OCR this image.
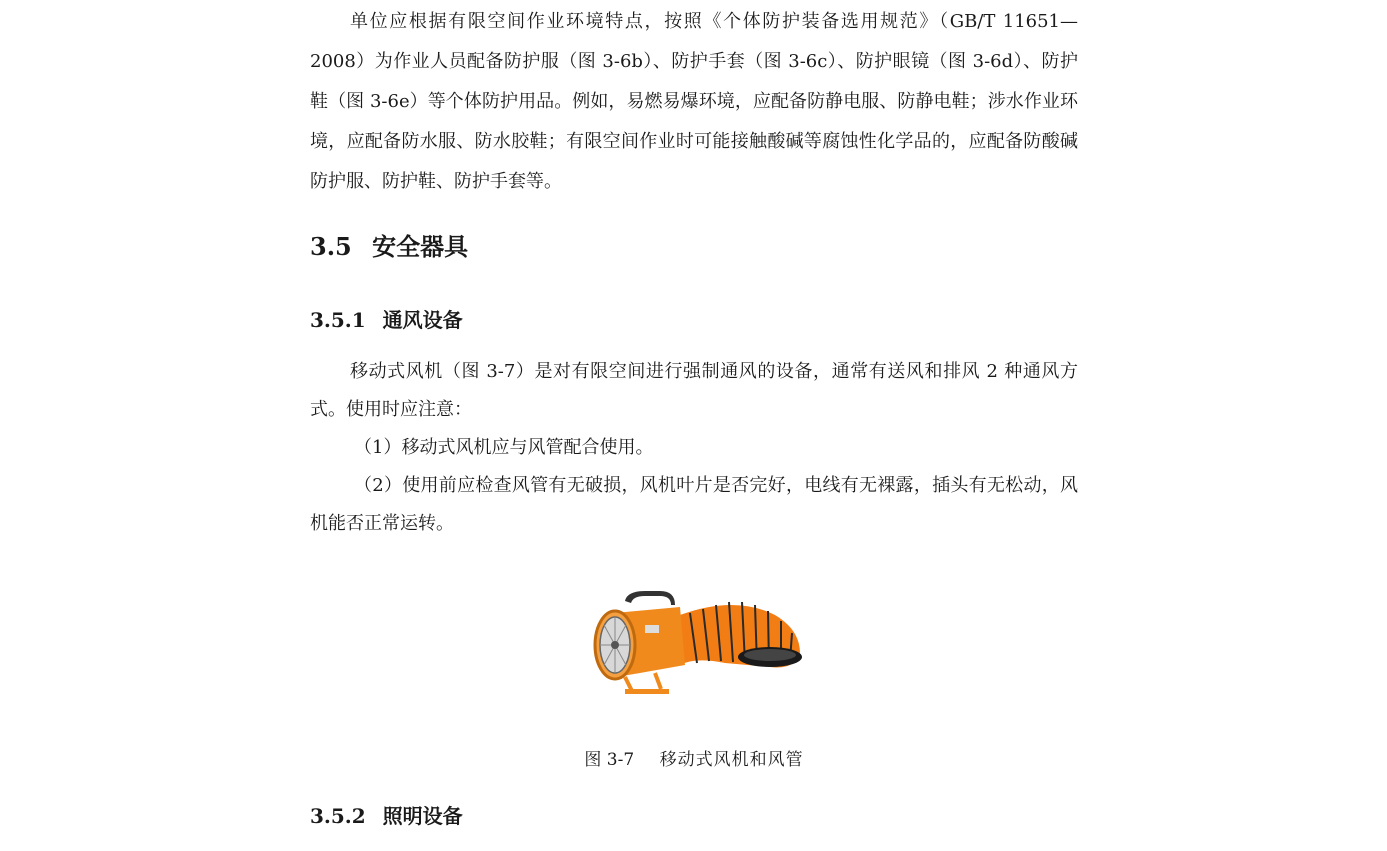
单位应根据有限空间作业环境特点，按照《个体防护装备选用规范》（GB/T 11651—2008）为作业人员配备防护服（图 3-6b）、防护手套（图 3-6c）、防护眼镜（图 3-6d）、防护鞋（图 3-6e）等个体防护用品。例如，易燃易爆环境，应配备防静电服、防静电鞋；涉水作业环境，应配备防水服、防水胶鞋；有限空间作业时可能接触酸碱等腐蚀性化学品的，应配备防酸碱防护服、防护鞋、防护手套等。

3.5 安全器具
3.5.1 通风设备

移动式风机（图 3-7）是对有限空间进行强制通风的设备，通常有送风和排风 2 种通风方式。使用时应注意：

（1）移动式风机应与风管配合使用。

（2）使用前应检查风管有无破损，风机叶片是否完好，电线有无裸露，插头有无松动，风机能否正常运转。

图 3-7 移动式风机和风管

3.5.2 照明设备
